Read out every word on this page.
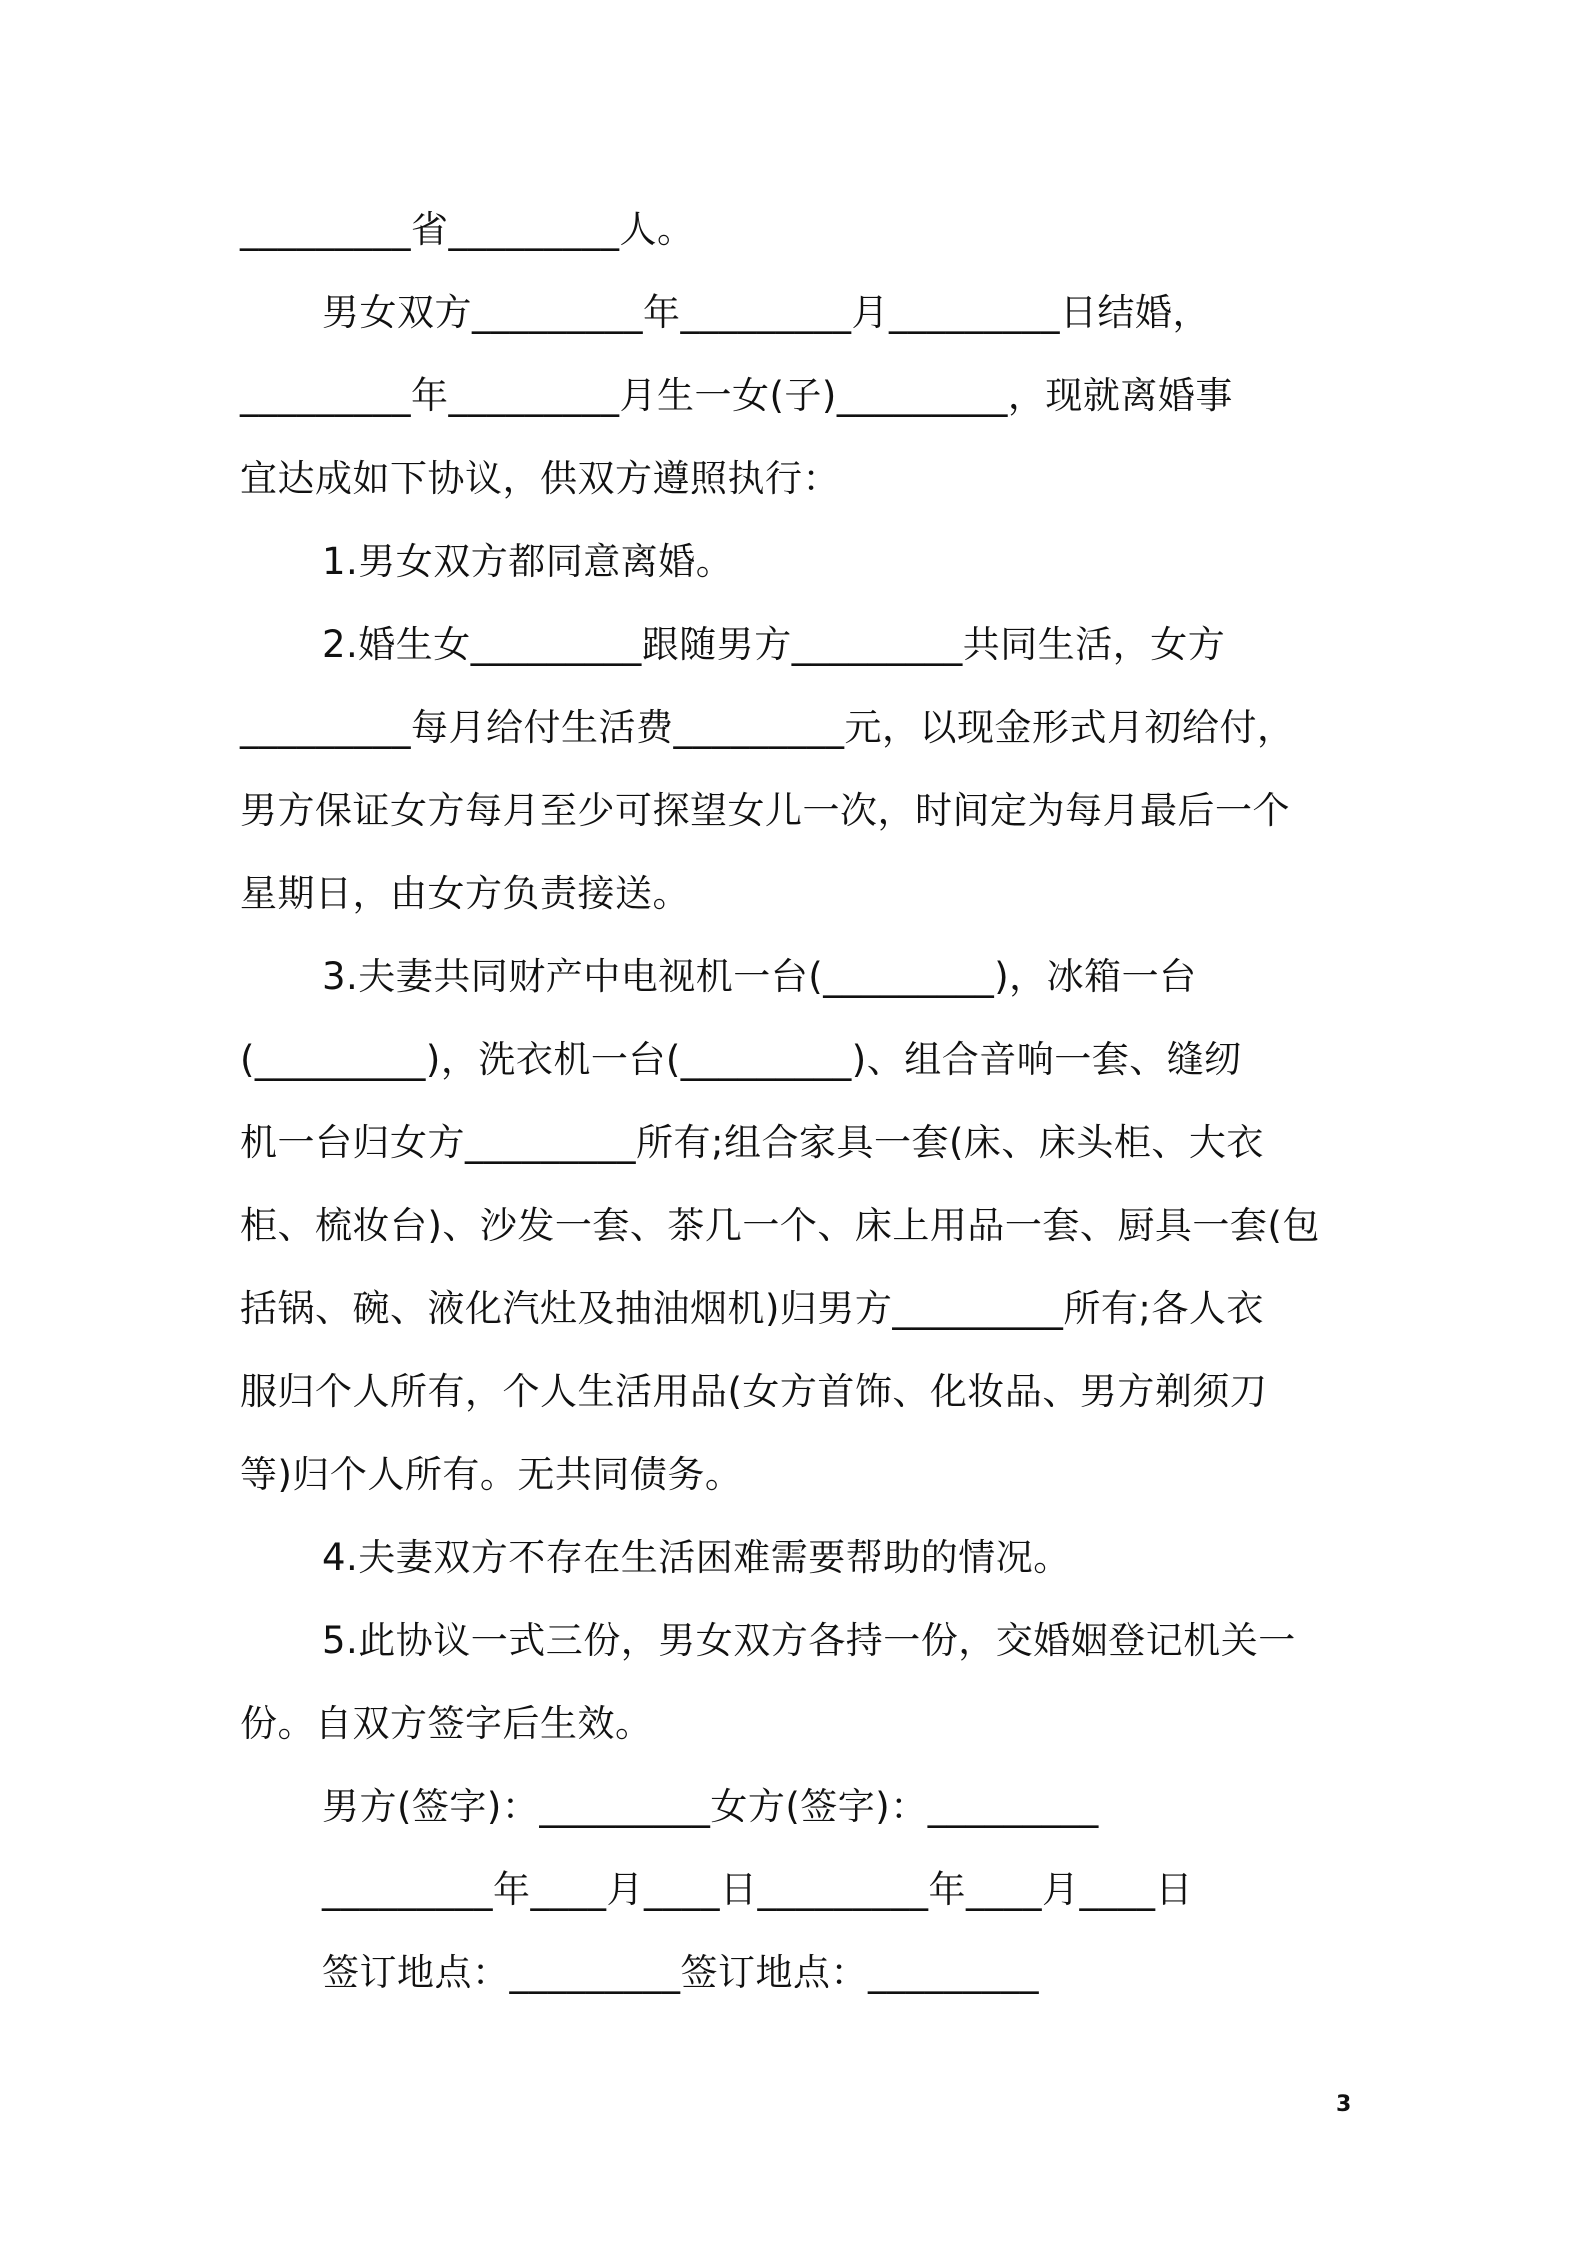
_________省_________人。
男女双方_________年_________月_________日结婚，
_________年_________月生一女(子)_________，现就离婚事
宜达成如下协议，供双方遵照执行：
1.男女双方都同意离婚。
2.婚生女_________跟随男方_________共同生活，女方
_________每月给付生活费_________元，以现金形式月初给付，
男方保证女方每月至少可探望女儿一次，时间定为每月最后一个
星期日，由女方负责接送。
3.夫妻共同财产中电视机一台(_________)，冰箱一台
(_________)，洗衣机一台(_________)、组合音响一套、缝纫
机一台归女方_________所有;组合家具一套(床、床头柜、大衣
柜、梳妆台)、沙发一套、茶几一个、床上用品一套、厨具一套(包
括锅、碗、液化汽灶及抽油烟机)归男方_________所有;各人衣
服归个人所有，个人生活用品(女方首饰、化妆品、男方剃须刀
等)归个人所有。无共同债务。
4.夫妻双方不存在生活困难需要帮助的情况。
5.此协议一式三份，男女双方各持一份，交婚姻登记机关一
份。自双方签字后生效。
男方(签字)：_________女方(签字)：_________
_________年____月____日_________年____月____日
签订地点：_________签订地点：_________
3
